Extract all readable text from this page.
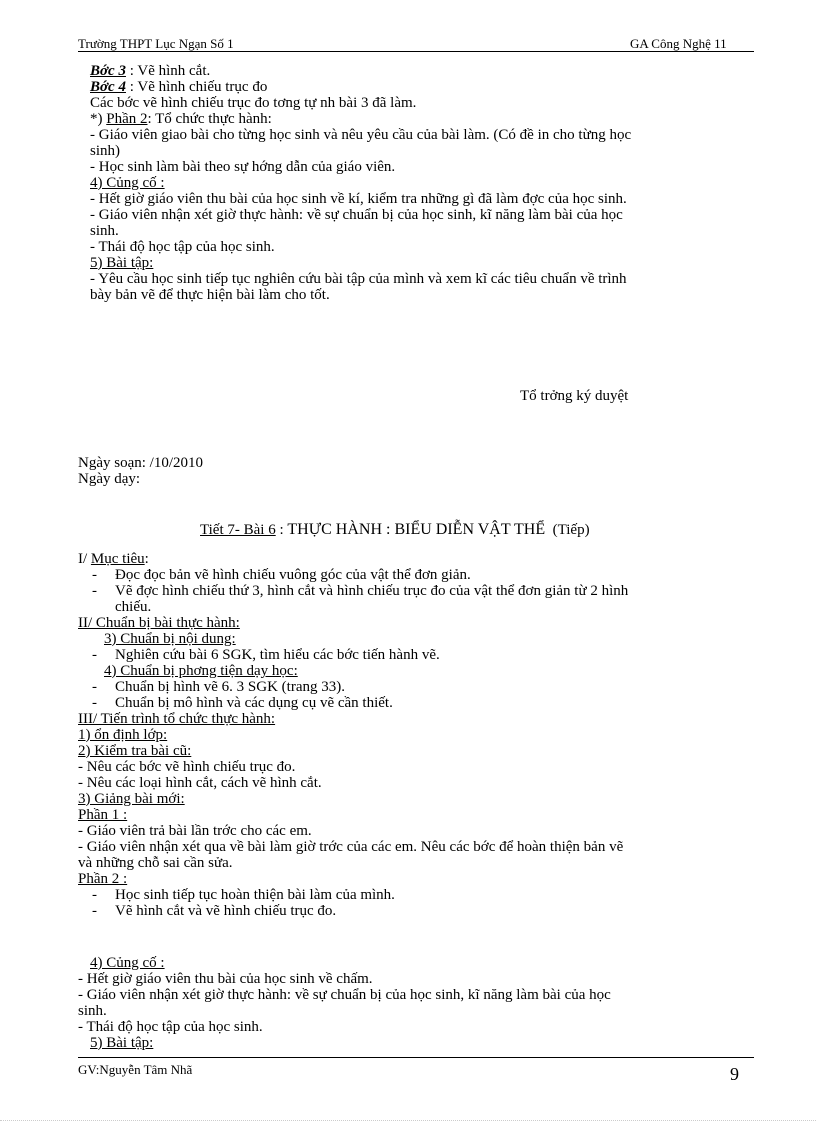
Trường THPT Lục Ngạn Số 1	GA Công Nghệ 11
Bớc 3 : Vẽ hình cắt.
Bớc 4 : Vẽ hình chiếu trục đo
Các bớc vẽ hình chiếu trục đo tơng tự nh bài 3 đã làm.
*) Phần 2: Tổ chức thực hành:
- Giáo viên giao bài cho từng học sinh và nêu yêu cầu của bài làm. (Có đề in cho từng học
sinh)
- Học sinh làm bài theo sự hớng dẫn của giáo viên.
4) Củng cố :
- Hết giờ giáo viên thu bài của học sinh về kí, kiểm tra những gì đã làm đợc của học sinh.
- Giáo viên nhận xét giờ thực hành: về sự chuẩn bị của học sinh, kĩ năng làm bài của học
sinh.
- Thái độ học tập của học sinh.
5) Bài tập:
- Yêu cầu học sinh tiếp tục nghiên cứu bài tập của mình và xem kĩ các tiêu chuẩn về trình
bày bản vẽ để thực hiện bài làm cho tốt.
Tổ trởng ký duyệt
Ngày soạn: /10/2010
Ngày dạy:
Tiết 7- Bài 6 : THỰC HÀNH : BIỂU DIỄN VẬT THỂ (Tiếp)
I/ Mục tiêu:
- Đọc đọc bản vẽ hình chiếu vuông góc của vật thể đơn giản.
- Vẽ đợc hình chiếu thứ 3, hình cắt và hình chiếu trục đo của vật thể đơn giản từ 2 hình
chiếu.
II/ Chuẩn bị bài thực hành:
3) Chuẩn bị nội dung:
- Nghiên cứu bài 6 SGK, tìm hiểu các bớc tiến hành vẽ.
4) Chuẩn bị phơng tiện dạy học:
- Chuẩn bị hình vẽ 6. 3 SGK (trang 33).
- Chuẩn bị mô hình và các dụng cụ vẽ cần thiết.
III/ Tiến trình tổ chức thực hành:
1) ổn định lớp:
2) Kiểm tra bài cũ:
- Nêu các bớc vẽ hình chiếu trục đo.
- Nêu các loại hình cắt, cách vẽ hình cắt.
3) Giảng bài mới:
Phần 1 :
- Giáo viên trả bài lần trớc cho các em.
- Giáo viên nhận xét qua về bài làm giờ trớc của các em. Nêu các bớc để hoàn thiện bản vẽ
và những chỗ sai cần sửa.
Phần 2 :
- Học sinh tiếp tục hoàn thiện bài làm của mình.
- Vẽ hình cắt và vẽ hình chiếu trục đo.
4) Củng cố :
- Hết giờ giáo viên thu bài của học sinh về chấm.
- Giáo viên nhận xét giờ thực hành: về sự chuẩn bị của học sinh, kĩ năng làm bài của học
sinh.
- Thái độ học tập của học sinh.
5) Bài tập:
GV:Nguyễn Tâm Nhã	9
